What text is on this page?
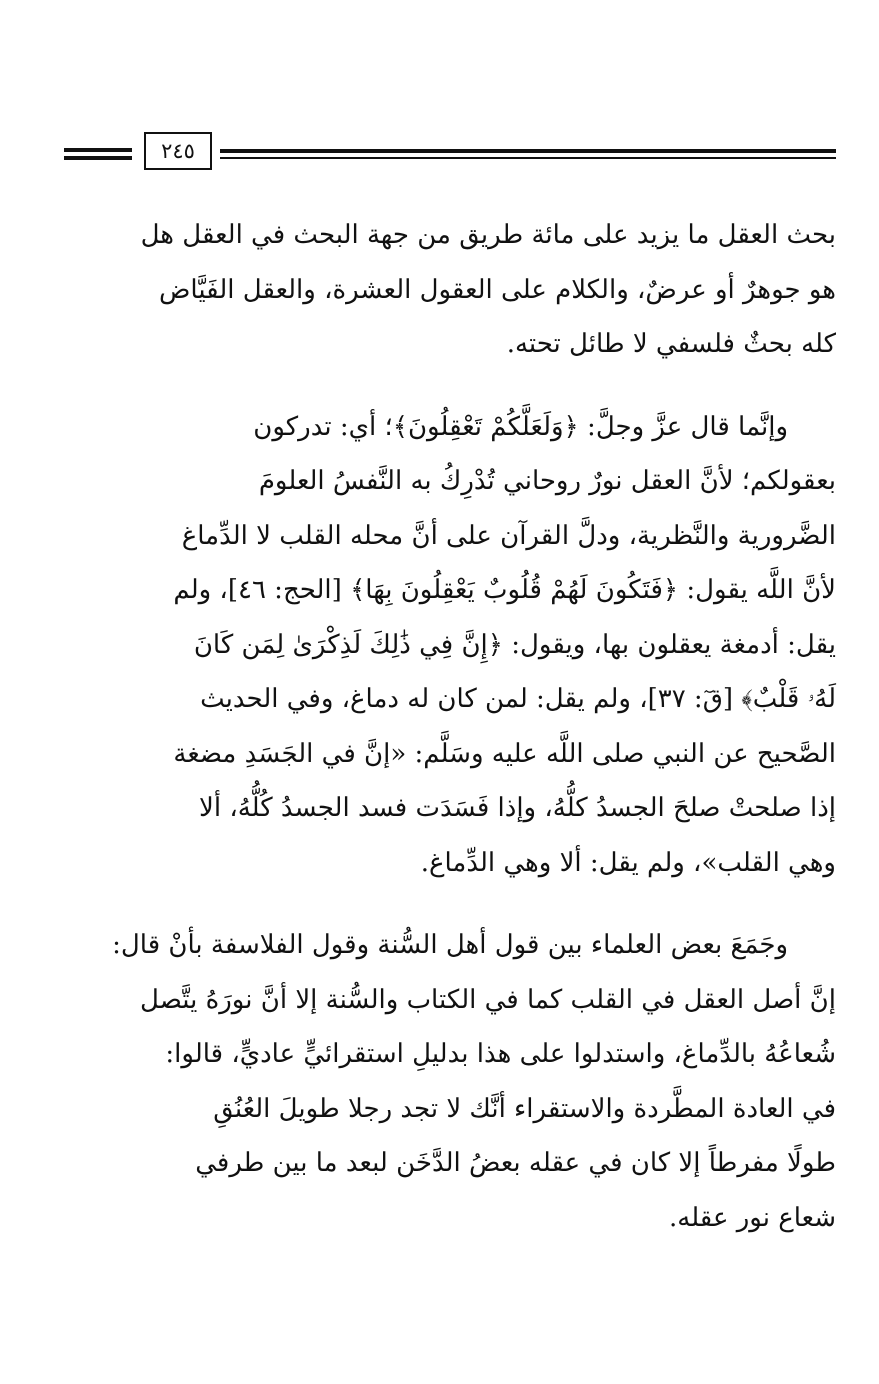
٢٤٥

بحث العقل ما يزيد على مائة طريق من جهة البحث في العقل هل
هو جوهرٌ أو عرضٌ، والكلام على العقول العشرة، والعقل الفَيَّاض
كله بحثٌ فلسفي لا طائل تحته.

وإنَّما قال عزَّ وجلَّ: ﴿وَلَعَلَّكُمْ تَعْقِلُونَ﴾؛ أي: تدركون
بعقولكم؛ لأنَّ العقل نورٌ روحاني تُدْرِكُ به النَّفسُ العلومَ
الضَّرورية والنَّظرية، ودلَّ القرآن على أنَّ محله القلب لا الدِّماغ
لأنَّ اللَّه يقول: ﴿فَتَكُونَ لَهُمْ قُلُوبٌ يَعْقِلُونَ بِهَا﴾ [الحج: ٤٦]، ولم
يقل: أدمغة يعقلون بها، ويقول: ﴿إِنَّ فِي ذَٰلِكَ لَذِكْرَىٰ لِمَن كَانَ
لَهُۥ قَلْبٌ﴾ [قٓ: ٣٧]، ولم يقل: لمن كان له دماغ، وفي الحديث
الصَّحيح عن النبي صلى اللَّه عليه وسَلَّم: «إنَّ في الجَسَدِ مضغة
إذا صلحتْ صلحَ الجسدُ كلُّهُ، وإذا فَسَدَت فسد الجسدُ كُلُّهُ، ألا
وهي القلب»، ولم يقل: ألا وهي الدِّماغ.

وجَمَعَ بعض العلماء بين قول أهل السُّنة وقول الفلاسفة بأنْ قال:
إنَّ أصل العقل في القلب كما في الكتاب والسُّنة إلا أنَّ نورَهُ يتَّصل
شُعاعُهُ بالدِّماغ، واستدلوا على هذا بدليلِ استقرائيٍّ عاديٍّ، قالوا:
في العادة المطَّردة والاستقراء أنَّك لا تجد رجلا طويلَ العُنُقِ
طولًا مفرطاً إلا كان في عقله بعضُ الدَّخَن لبعد ما بين طرفي
شعاع نور عقله.
